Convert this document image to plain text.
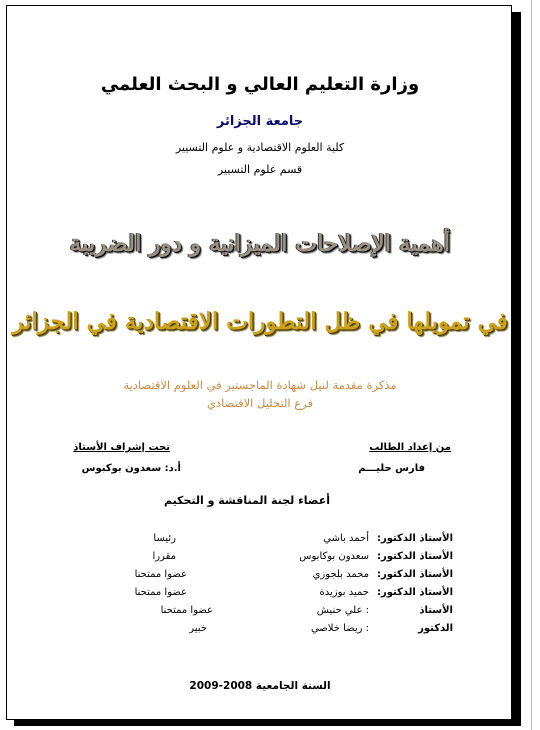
وزارة التعليم العالي و البحث العلمي
جامعة الجزائر
كلية العلوم الاقتصادية و علوم التسيير
قسم علوم التسيير
أهمية الإصلاحات الميزانية و دور الضريبة
في تمويلها في ظل التطورات الاقتصادية في الجزائر
مذكرة مقدمة لنيل شهادة الماجستير في العلوم الاقتصادية
فرع التحليل الاقتصادي
من إعداد الطالب
فارس حليـــم
تحت إشراف الأستاذ
أ.د: سعدون بوكبوس
أعضاء لجنة المناقشة و التحكيم
الأستاذ الدكتور:
أحمد باشي
رئيسا
الأستاذ الدكتور:
سعدون بوكابوس
مقررا
الأستاذ الدكتور:
محمد بلجوزي
عضوا ممتحنا
الأستاذ الدكتور:
حميد بوزيدة
عضوا ممتحنا
الأستاذ
: علي حنيش
عضوا ممتحنا
الدكتور
: ريضا خلاصي
خبير
السنة الجامعية 2008-2009
